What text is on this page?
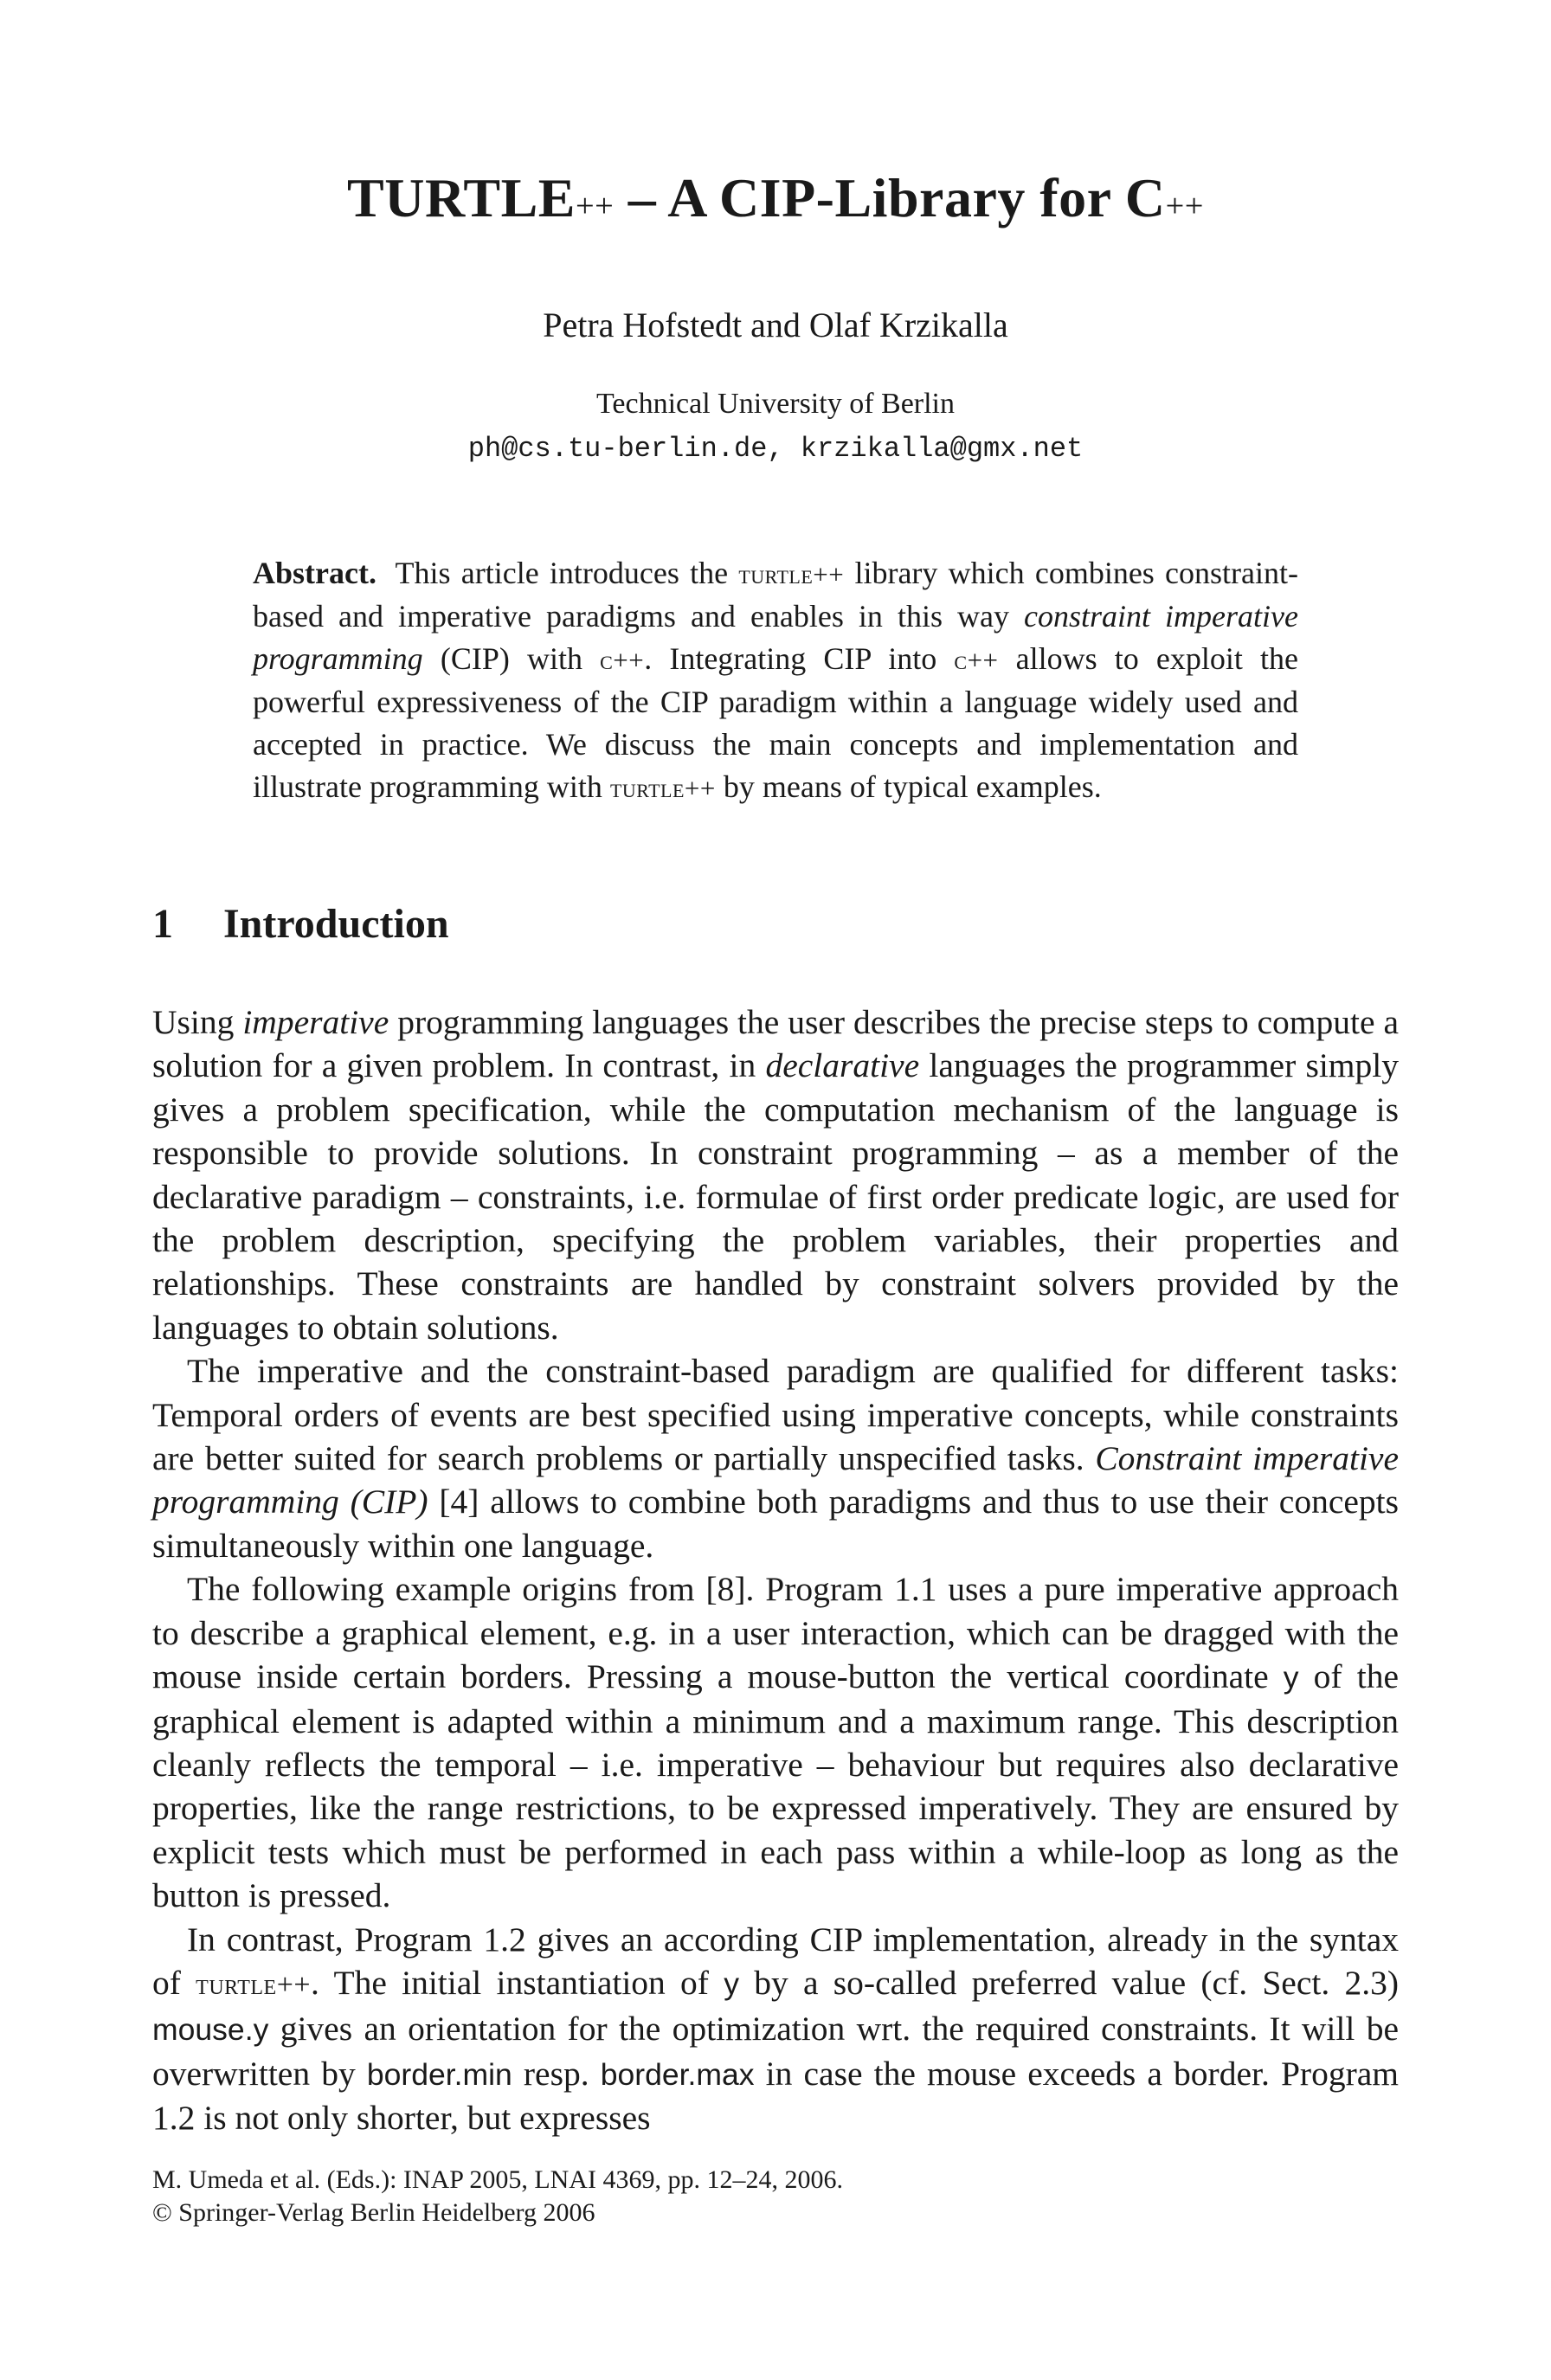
TURTLE++ – A CIP-Library for C++
Petra Hofstedt and Olaf Krzikalla
Technical University of Berlin
ph@cs.tu-berlin.de, krzikalla@gmx.net
Abstract. This article introduces the turtle++ library which combines constraint-based and imperative paradigms and enables in this way constraint imperative programming (CIP) with c++. Integrating CIP into c++ allows to exploit the powerful expressiveness of the CIP paradigm within a language widely used and accepted in practice. We discuss the main concepts and implementation and illustrate programming with turtle++ by means of typical examples.
1 Introduction

Using imperative programming languages the user describes the precise steps to compute a solution for a given problem. In contrast, in declarative languages the programmer simply gives a problem specification, while the computation mechanism of the language is responsible to provide solutions. In constraint programming – as a member of the declarative paradigm – constraints, i.e. formulae of first order predicate logic, are used for the problem description, specifying the problem variables, their properties and relationships. These constraints are handled by constraint solvers provided by the languages to obtain solutions.

The imperative and the constraint-based paradigm are qualified for different tasks: Temporal orders of events are best specified using imperative concepts, while constraints are better suited for search problems or partially unspecified tasks. Constraint imperative programming (CIP) [4] allows to combine both paradigms and thus to use their concepts simultaneously within one language.

The following example origins from [8]. Program 1.1 uses a pure imperative approach to describe a graphical element, e.g. in a user interaction, which can be dragged with the mouse inside certain borders. Pressing a mouse-button the vertical coordinate y of the graphical element is adapted within a minimum and a maximum range. This description cleanly reflects the temporal – i.e. imperative – behaviour but requires also declarative properties, like the range restrictions, to be expressed imperatively. They are ensured by explicit tests which must be performed in each pass within a while-loop as long as the button is pressed.

In contrast, Program 1.2 gives an according CIP implementation, already in the syntax of turtle++. The initial instantiation of y by a so-called preferred value (cf. Sect. 2.3) mouse.y gives an orientation for the optimization wrt. the required constraints. It will be overwritten by border.min resp. border.max in case the mouse exceeds a border. Program 1.2 is not only shorter, but expresses

M. Umeda et al. (Eds.): INAP 2005, LNAI 4369, pp. 12–24, 2006.
© Springer-Verlag Berlin Heidelberg 2006
